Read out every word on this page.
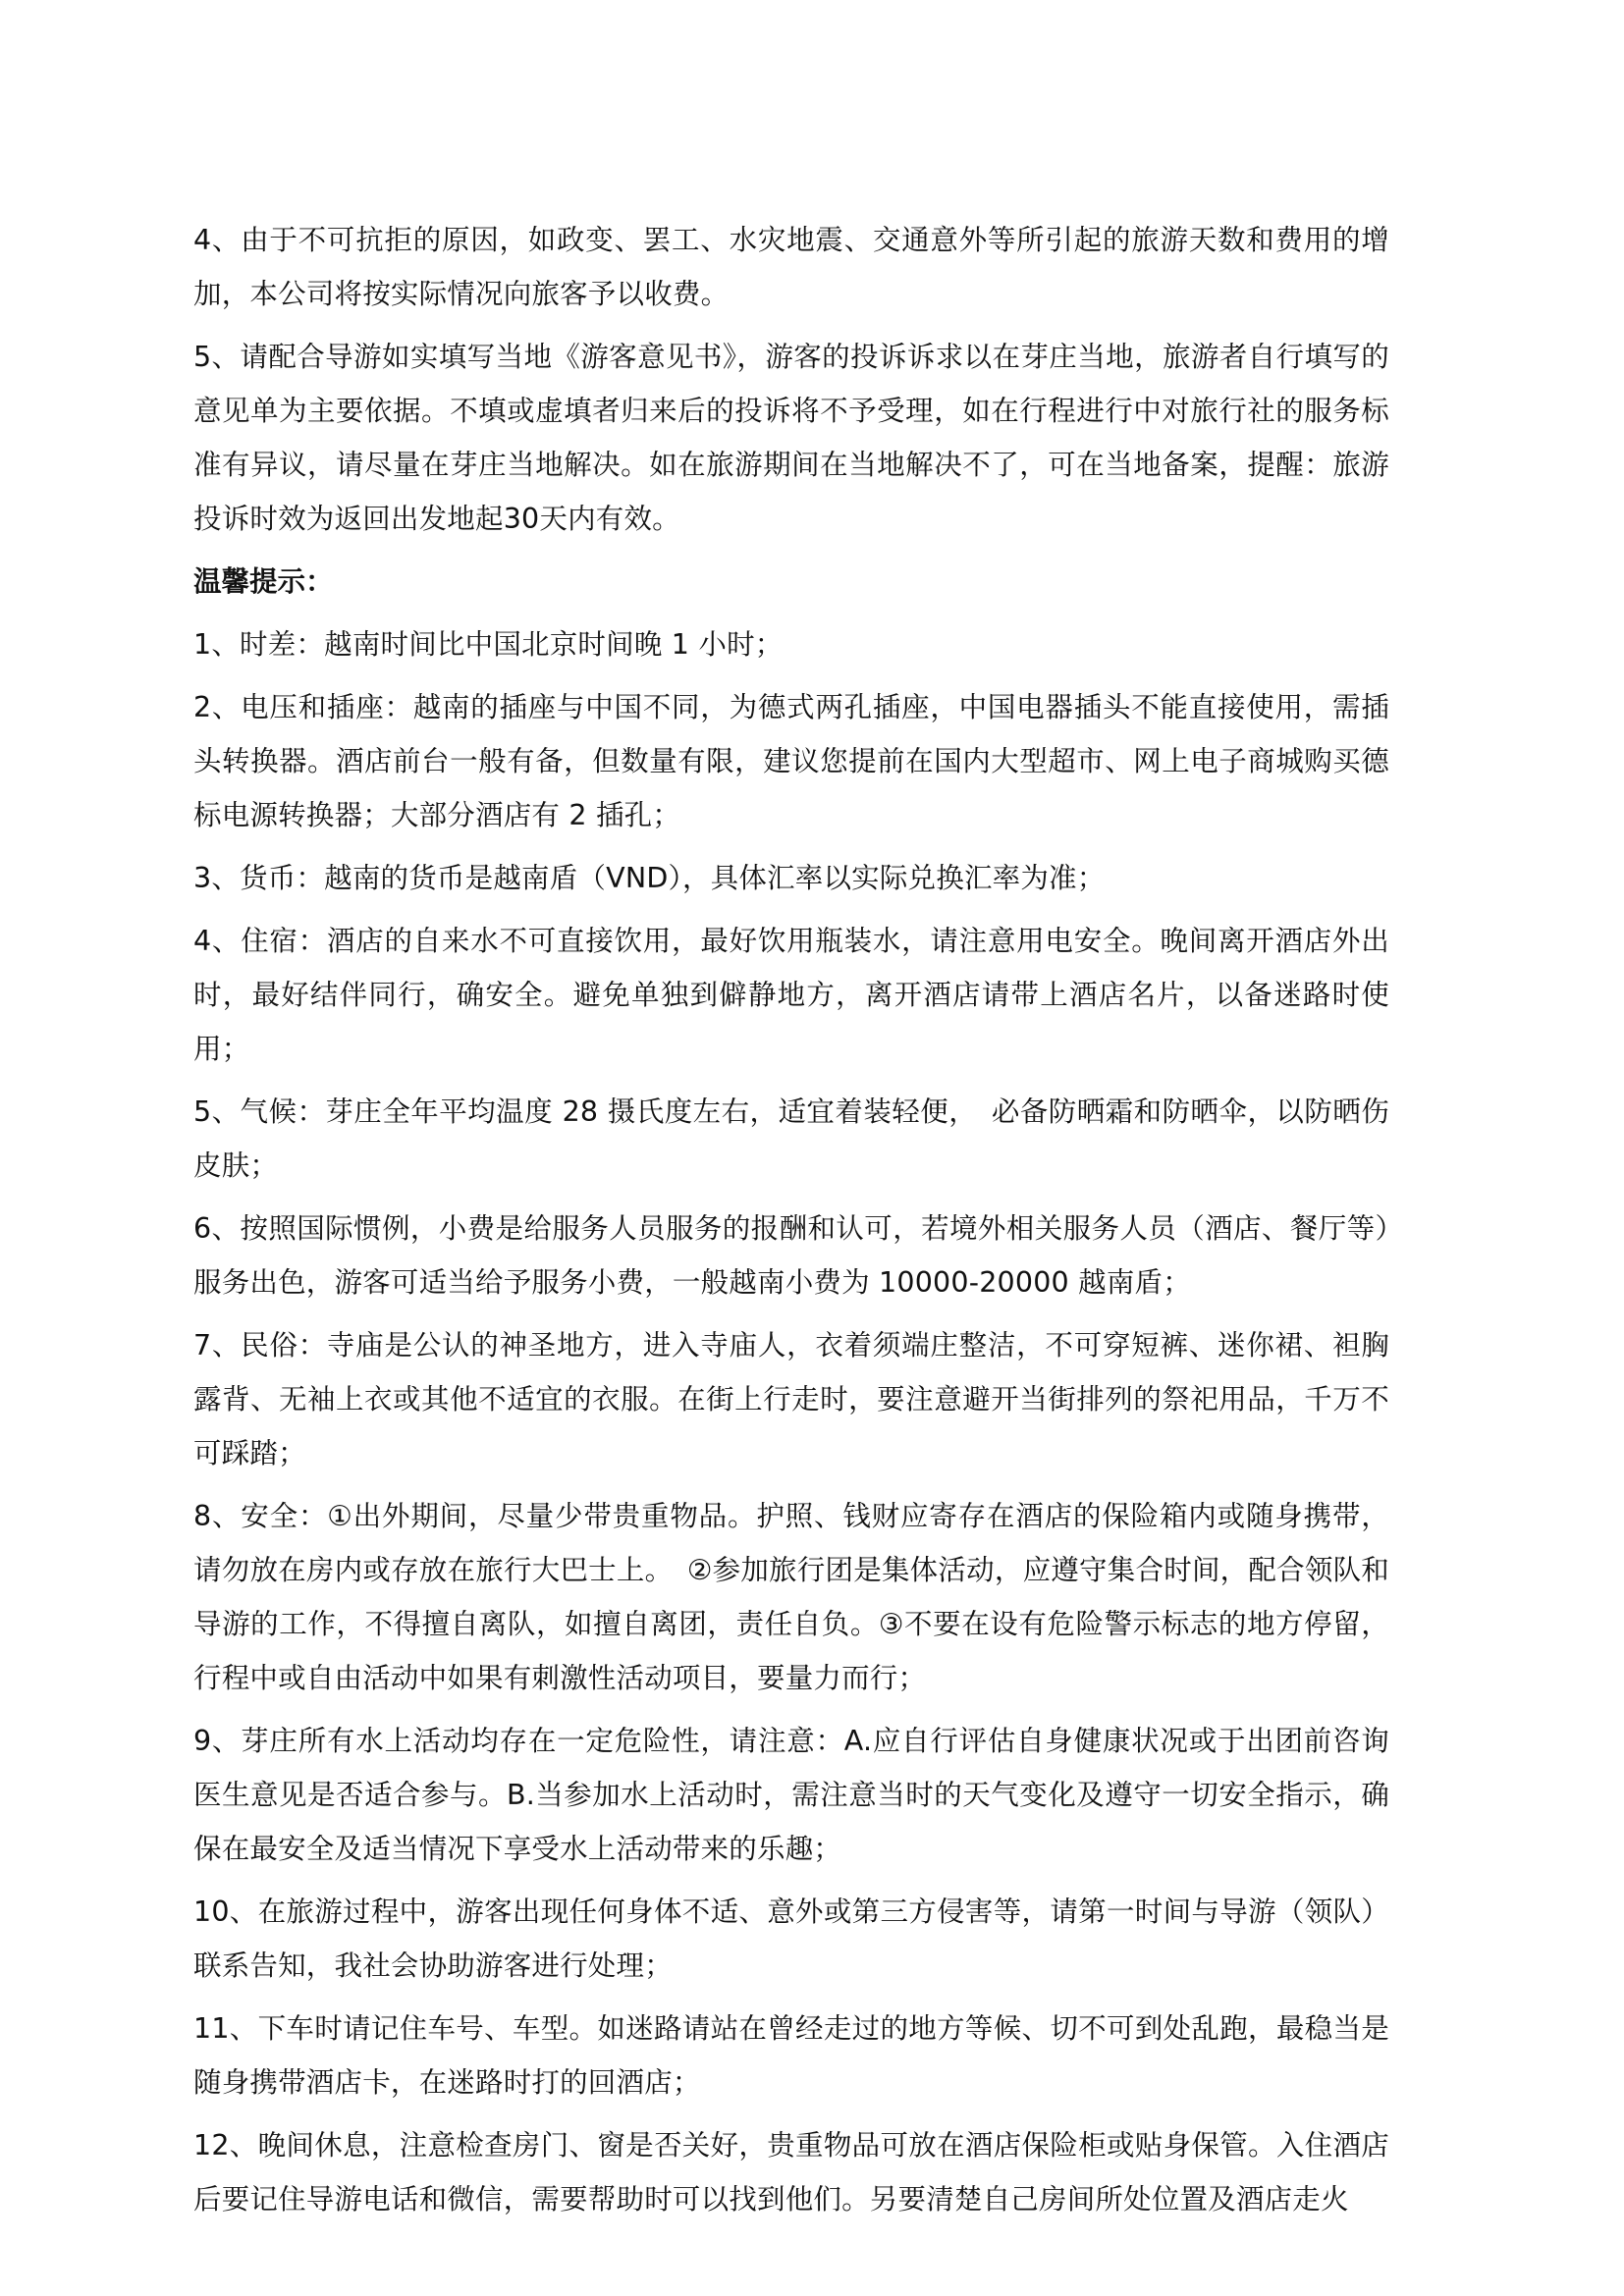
4、由于不可抗拒的原因，如政变、罢工、水灾地震、交通意外等所引起的旅游天数和费用的增加，本公司将按实际情况向旅客予以收费。

5、请配合导游如实填写当地《游客意见书》，游客的投诉诉求以在芽庄当地，旅游者自行填写的意见单为主要依据。不填或虚填者归来后的投诉将不予受理，如在行程进行中对旅行社的服务标准有异议，请尽量在芽庄当地解决。如在旅游期间在当地解决不了，可在当地备案，提醒：旅游投诉时效为返回出发地起30天内有效。

温馨提示：

1、时差：越南时间比中国北京时间晚 1 小时；

2、电压和插座：越南的插座与中国不同，为德式两孔插座，中国电器插头不能直接使用，需插头转换器。酒店前台一般有备，但数量有限，建议您提前在国内大型超市、网上电子商城购买德标电源转换器；大部分酒店有 2 插孔；

3、货币：越南的货币是越南盾（VND），具体汇率以实际兑换汇率为准；

4、住宿：酒店的自来水不可直接饮用，最好饮用瓶装水，请注意用电安全。晚间离开酒店外出时，最好结伴同行，确安全。避免单独到僻静地方，离开酒店请带上酒店名片，以备迷路时使用；

5、气候：芽庄全年平均温度 28 摄氏度左右，适宜着装轻便，　必备防晒霜和防晒伞，以防晒伤皮肤；

6、按照国际惯例，小费是给服务人员服务的报酬和认可，若境外相关服务人员（酒店、餐厅等）服务出色，游客可适当给予服务小费，一般越南小费为 10000-20000 越南盾；

7、民俗：寺庙是公认的神圣地方，进入寺庙人，衣着须端庄整洁，不可穿短裤、迷你裙、袒胸露背、无袖上衣或其他不适宜的衣服。在街上行走时，要注意避开当街排列的祭祀用品，千万不可踩踏；

8、安全：①出外期间，尽量少带贵重物品。护照、钱财应寄存在酒店的保险箱内或随身携带，请勿放在房内或存放在旅行大巴士上。　②参加旅行团是集体活动，应遵守集合时间，配合领队和导游的工作，不得擅自离队，如擅自离团，责任自负。③不要在设有危险警示标志的地方停留，行程中或自由活动中如果有刺激性活动项目，要量力而行；

9、芽庄所有水上活动均存在一定危险性，请注意：A.应自行评估自身健康状况或于出团前咨询医生意见是否适合参与。B.当参加水上活动时，需注意当时的天气变化及遵守一切安全指示，确保在最安全及适当情况下享受水上活动带来的乐趣；

10、在旅游过程中，游客出现任何身体不适、意外或第三方侵害等，请第一时间与导游（领队）联系告知，我社会协助游客进行处理；

11、下车时请记住车号、车型。如迷路请站在曾经走过的地方等候、切不可到处乱跑，最稳当是随身携带酒店卡，在迷路时打的回酒店；

12、晚间休息，注意检查房门、窗是否关好，贵重物品可放在酒店保险柜或贴身保管。入住酒店后要记住导游电话和微信，需要帮助时可以找到他们。另要清楚自己房间所处位置及酒店走火
